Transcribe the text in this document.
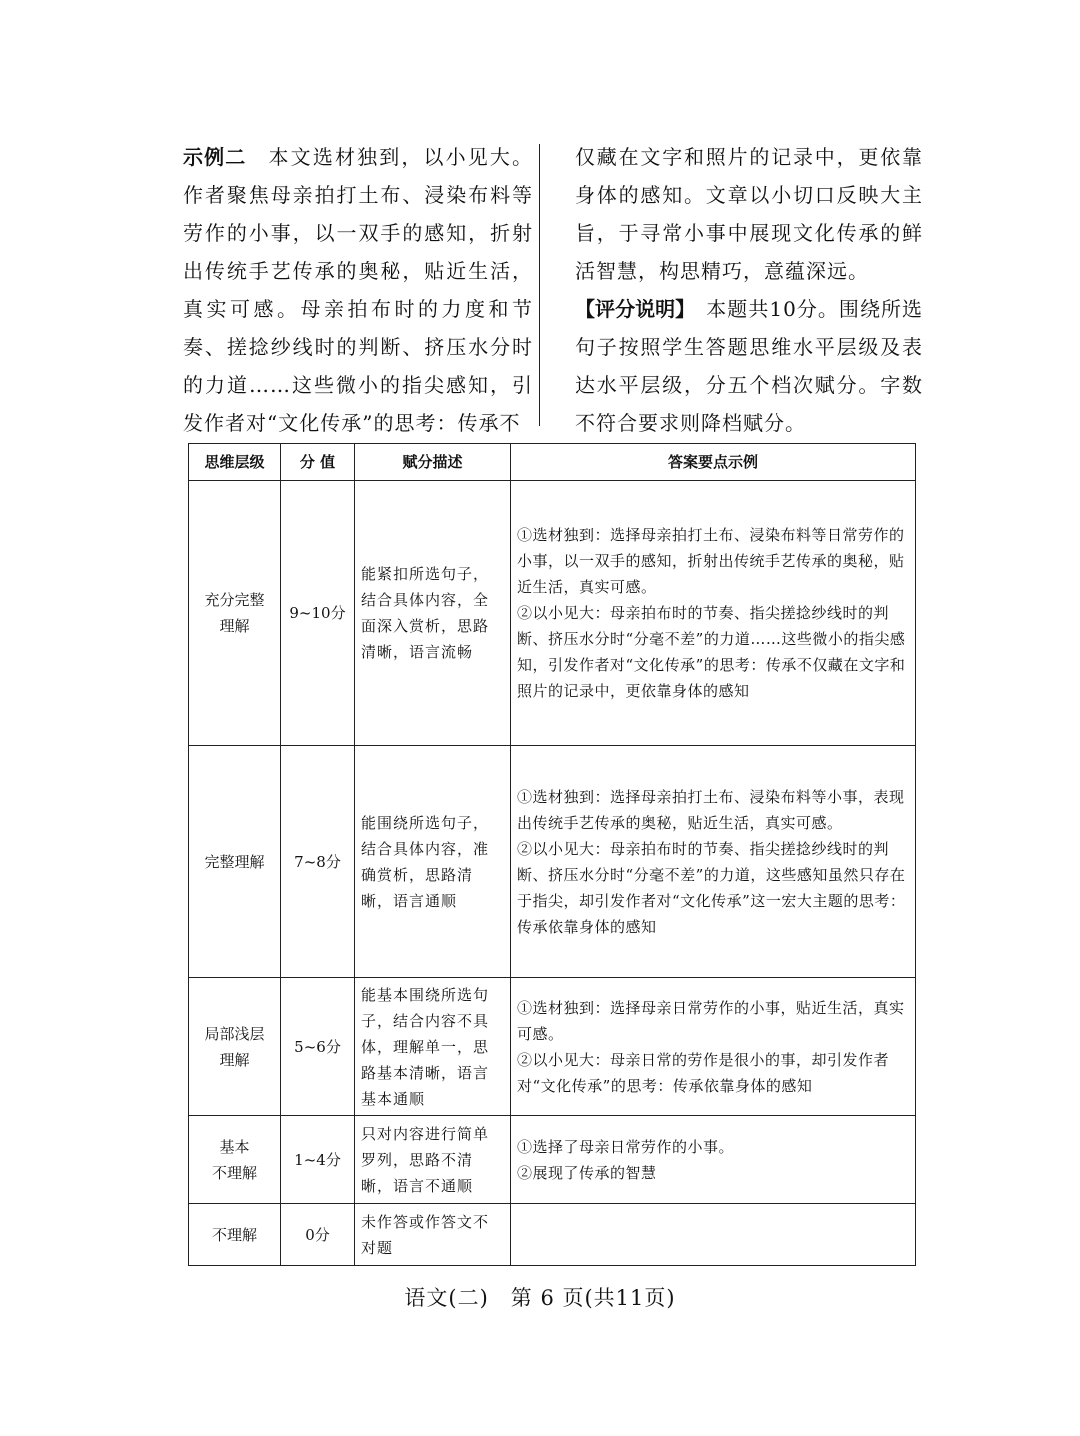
示例二　 本文选材独到，以小见大。作者聚焦母亲拍打土布、浸染布料等劳作的小事，以一双手的感知，折射出传统手艺传承的奥秘，贴近生活，真实可感。母亲拍布时的力度和节奏、搓捻纱线时的判断、挤压水分时的力道……这些微小的指尖感知，引发作者对“文化传承”的思考：传承不

仅藏在文字和照片的记录中，更依靠身体的感知。文章以小切口反映大主旨，于寻常小事中展现文化传承的鲜活智慧，构思精巧，意蕴深远。

【评分说明】　 本题共10分。围绕所选句子按照学生答题思维水平层级及表达水平层级，分五个档次赋分。字数不符合要求则降档赋分。

思维层级	分 值	赋分描述	答案要点示例

充分完整
理解	9~10分	能紧扣所选句子，结合具体内容，全面深入赏析，思路清晰，语言流畅	①选材独到：选择母亲拍打土布、浸染布料等日常劳作的小事，以一双手的感知，折射出传统手艺传承的奥秘，贴近生活，真实可感。
②以小见大：母亲拍布时的节奏、指尖搓捻纱线时的判断、挤压水分时“分毫不差”的力道……这些微小的指尖感知，引发作者对“文化传承”的思考：传承不仅藏在文字和照片的记录中，更依靠身体的感知

完整理解	7~8分	能围绕所选句子，结合具体内容，准确赏析，思路清晰，语言通顺	①选材独到：选择母亲拍打土布、浸染布料等小事，表现出传统手艺传承的奥秘，贴近生活，真实可感。
②以小见大：母亲拍布时的节奏、指尖搓捻纱线时的判断、挤压水分时“分毫不差”的力道，这些感知虽然只存在于指尖，却引发作者对“文化传承”这一宏大主题的思考：传承依靠身体的感知

局部浅层
理解	5~6分	能基本围绕所选句子，结合内容不具体，理解单一，思路基本清晰，语言基本通顺	①选材独到：选择母亲日常劳作的小事，贴近生活，真实可感。
②以小见大：母亲日常的劳作是很小的事，却引发作者对“文化传承”的思考：传承依靠身体的感知

基本
不理解	1~4分	只对内容进行简单罗列，思路不清晰，语言不通顺	①选择了母亲日常劳作的小事。
②展现了传承的智慧

不理解	0分	未作答或作答文不对题	
语文(二)　第 6 页(共11页)
